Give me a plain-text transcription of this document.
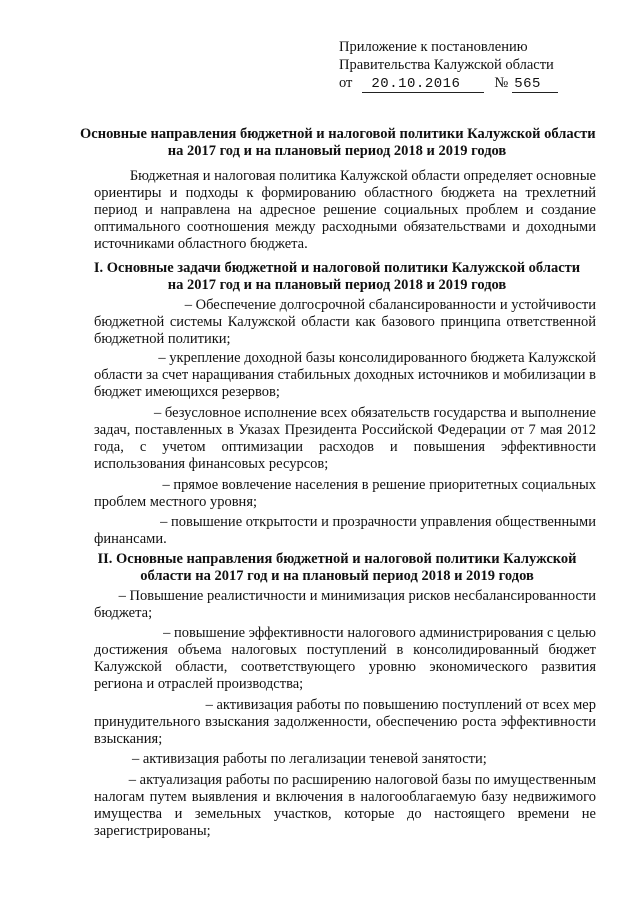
Приложение к постановлению
Правительства Калужской области
от 20.10.2016 № 565
Основные направления бюджетной и налоговой политики Калужской области
на 2017 год и на плановый период 2018 и 2019 годов
Бюджетная и налоговая политика Калужской области определяет основные
ориентиры и подходы к формированию областного бюджета на трехлетний период и направлена на адресное решение социальных проблем и создание оптимального соотношения между расходными обязательствами и доходными источниками областного бюджета.
I. Основные задачи бюджетной и налоговой политики Калужской области
на 2017 год и на плановый период 2018 и 2019 годов
– Обеспечение долгосрочной сбалансированности и устойчивости
бюджетной системы Калужской области как базового принципа ответственной бюджетной политики;
– укрепление доходной базы консолидированного бюджета Калужской
области за счет наращивания стабильных доходных источников и мобилизации в бюджет имеющихся резервов;
– безусловное исполнение всех обязательств государства и выполнение
задач, поставленных в Указах Президента Российской Федерации от 7 мая 2012 года, с учетом оптимизации расходов и повышения эффективности использования финансовых ресурсов;
– прямое вовлечение населения в решение приоритетных социальных
проблем местного уровня;
– повышение открытости и прозрачности управления общественными
финансами.
II. Основные направления бюджетной и налоговой политики Калужской
области на 2017 год и на плановый период 2018 и 2019 годов
– Повышение реалистичности и минимизация рисков несбалансированности
бюджета;
– повышение эффективности налогового администрирования с целью
достижения объема налоговых поступлений в консолидированный бюджет Калужской области, соответствующего уровню экономического развития региона и отраслей производства;
– активизация работы по повышению поступлений от всех мер
принудительного взыскания задолженности, обеспечению роста эффективности взыскания;
– активизация работы по легализации теневой занятости;
– актуализация работы по расширению налоговой базы по имущественным
налогам путем выявления и включения в налогооблагаемую базу недвижимого имущества и земельных участков, которые до настоящего времени не зарегистрированы;
